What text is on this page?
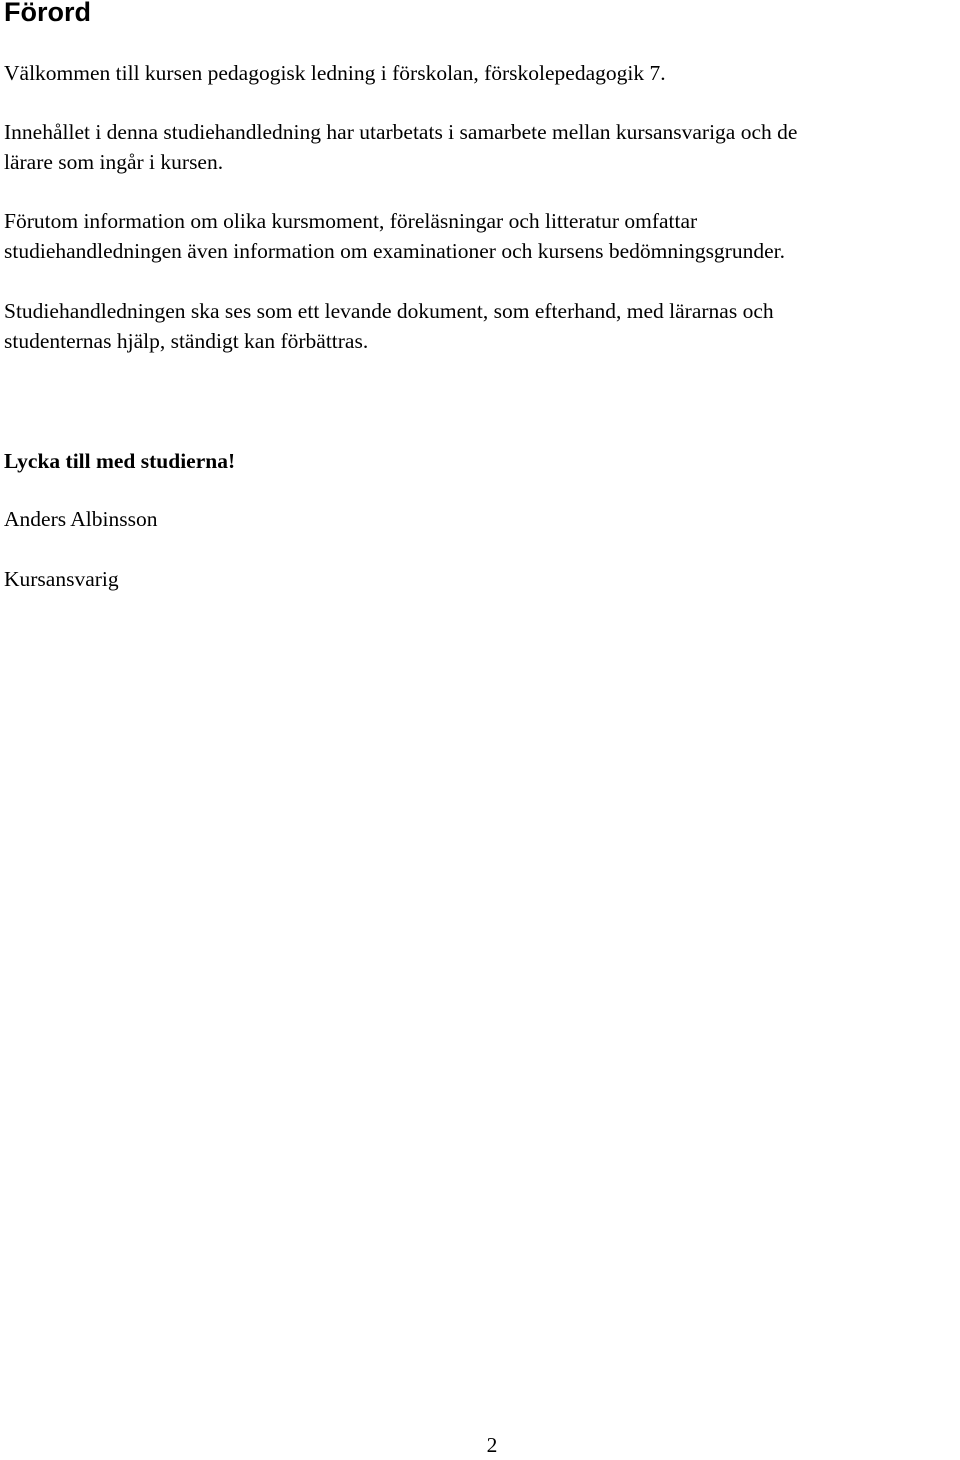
Förord

Välkommen till kursen pedagogisk ledning i förskolan, förskolepedagogik 7.

Innehållet i denna studiehandledning har utarbetats i samarbete mellan kursansvariga och de
lärare som ingår i kursen.

Förutom information om olika kursmoment, föreläsningar och litteratur omfattar
studiehandledningen även information om examinationer och kursens bedömningsgrunder.

Studiehandledningen ska ses som ett levande dokument, som efterhand, med lärarnas och
studenternas hjälp, ständigt kan förbättras.

Lycka till med studierna!

Anders Albinsson

Kursansvarig

2
